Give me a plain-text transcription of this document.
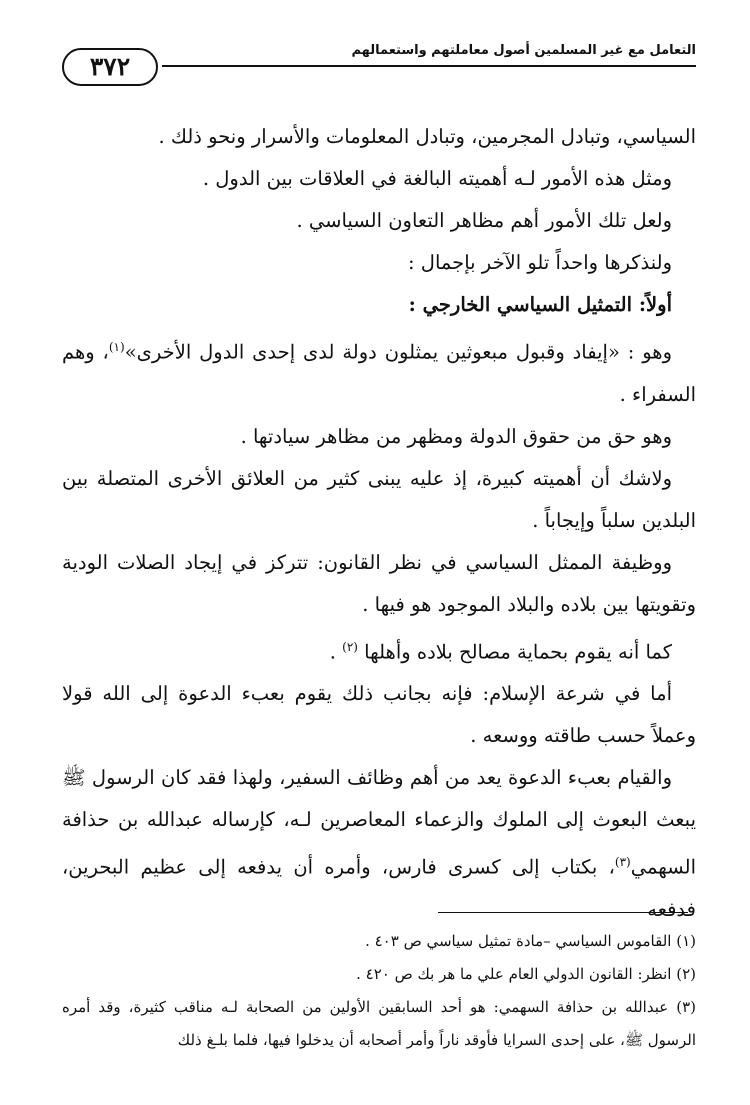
٣٧٢
التعامل مع غير المسلمين أصول معاملتهم واستعمالهم

السياسي، وتبادل المجرمين، وتبادل المعلومات والأسرار ونحو ذلك .

ومثل هذه الأمور لـه أهميته البالغة في العلاقات بين الدول .

ولعل تلك الأمور أهم مظاهر التعاون السياسي .

ولنذكرها واحداً تلو الآخر بإجمال :

أولاً: التمثيل السياسي الخارجي :

وهو : «إيفاد وقبول مبعوثين يمثلون دولة لدى إحدى الدول الأخرى»$^{(١)}$، وهم السفراء .

وهو حق من حقوق الدولة ومظهر من مظاهر سيادتها .

ولاشك أن أهميته كبيرة، إذ عليه يبنى كثير من العلائق الأخرى المتصلة بين البلدين سلباً وإيجاباً .

ووظيفة الممثل السياسي في نظر القانون: تتركز في إيجاد الصلات الودية وتقويتها بين بلاده والبلاد الموجود هو فيها .

كما أنه يقوم بحماية مصالح بلاده وأهلها $^{(٢)}$ .

أما في شرعة الإسلام: فإنه بجانب ذلك يقوم بعبء الدعوة إلى الله قولا وعملاً حسب طاقته ووسعه .

والقيام بعبء الدعوة يعد من أهم وظائف السفير، ولهذا فقد كان الرسول ﷺ يبعث البعوث إلى الملوك والزعماء المعاصرين لـه، كإرساله عبدالله بن حذافة السهمي$^{(٣)}$، بكتاب إلى كسرى فارس، وأمره أن يدفعه إلى عظيم البحرين، فدفعه

(١) القاموس السياسي –مادة تمثيل سياسي ص ٤٠٣ .

(٢) انظر: القانون الدولي العام علي ما هر بك ص ٤٢٠ .

(٣) عبدالله بن حذافة السهمي: هو أحد السابقين الأولين من الصحابة لـه مناقب كثيرة، وقد أمره الرسول ﷺ، على إحدى السرايا فأوقد ناراً وأمر أصحابه أن يدخلوا فيها، فلما بلـغ ذلك
